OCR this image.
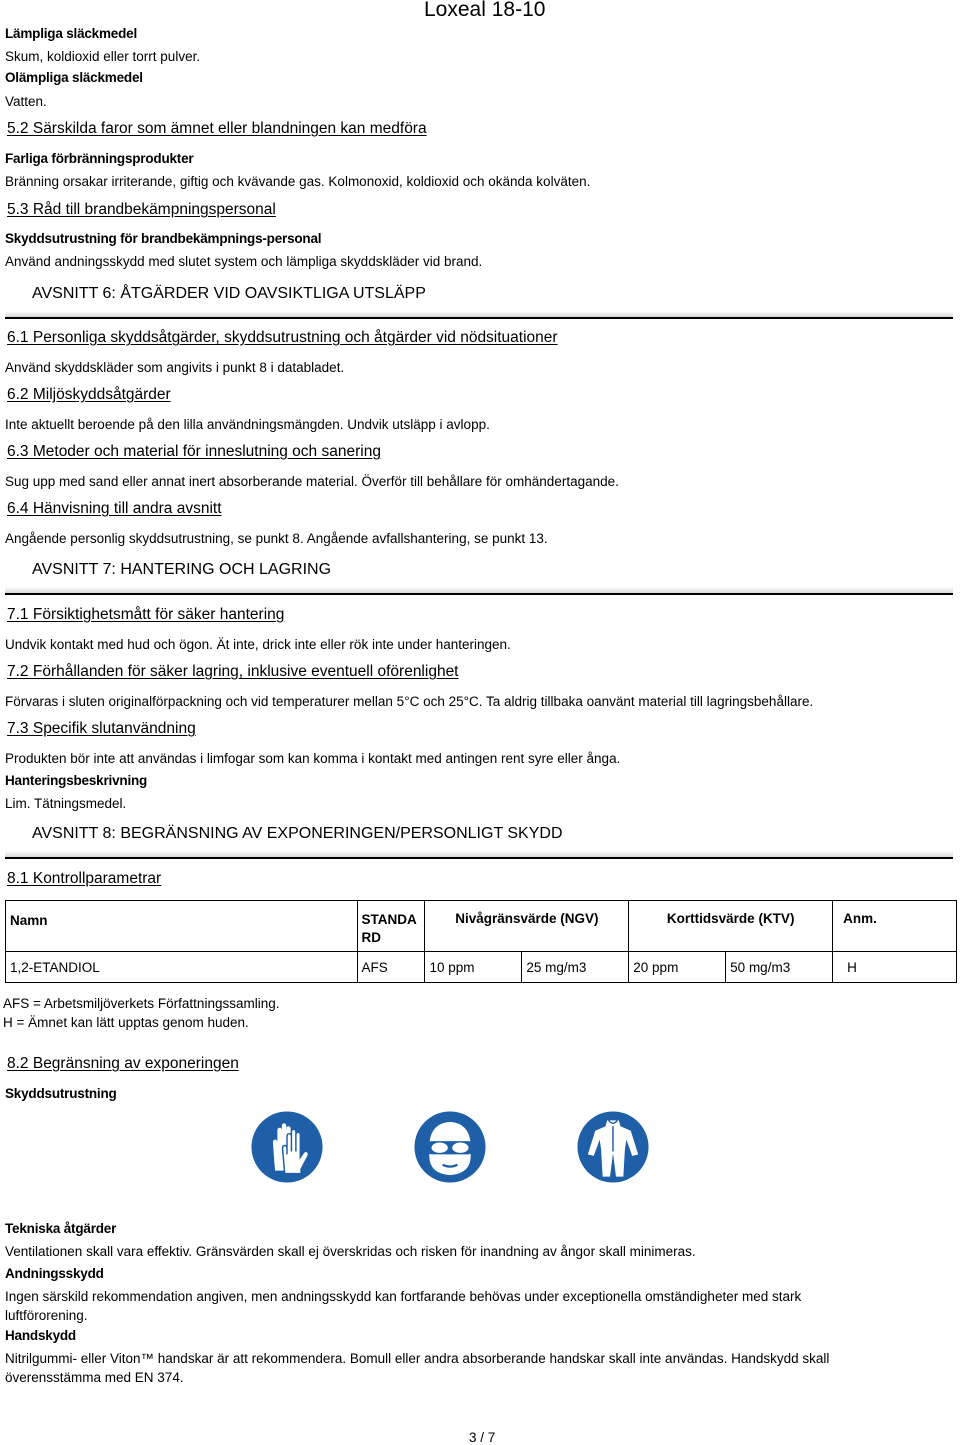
Loxeal 18-10
Lämpliga släckmedel
Skum, koldioxid eller torrt pulver.
Olämpliga släckmedel
Vatten.
5.2 Särskilda faror som ämnet eller blandningen kan medföra
Farliga förbränningsprodukter
Bränning orsakar irriterande, giftig och kvävande gas. Kolmonoxid, koldioxid och okända kolväten.
5.3 Råd till brandbekämpningspersonal
Skyddsutrustning för brandbekämpnings-personal
Använd andningsskydd med slutet system och lämpliga skyddskläder vid brand.
AVSNITT 6: ÅTGÄRDER VID OAVSIKTLIGA UTSLÄPP
6.1 Personliga skyddsåtgärder, skyddsutrustning och åtgärder vid nödsituationer
Använd skyddskläder som angivits i punkt 8 i databladet.
6.2 Miljöskyddsåtgärder
Inte aktuellt beroende på den lilla användningsmängden. Undvik utsläpp i avlopp.
6.3 Metoder och material för inneslutning och sanering
Sug upp med sand eller annat inert absorberande material. Överför till behållare för omhändertagande.
6.4 Hänvisning till andra avsnitt
Angående personlig skyddsutrustning, se punkt 8. Angående avfallshantering, se punkt 13.
AVSNITT 7: HANTERING OCH LAGRING
7.1 Försiktighetsmått för säker hantering
Undvik kontakt med hud och ögon. Ät inte, drick inte eller rök inte under hanteringen.
7.2 Förhållanden för säker lagring, inklusive eventuell oförenlighet
Förvaras i sluten originalförpackning och vid temperaturer mellan 5°C och 25°C. Ta aldrig tillbaka oanvänt material till lagringsbehållare.
7.3 Specifik slutanvändning
Produkten bör inte att användas i limfogar som kan komma i kontakt med antingen rent syre eller ånga.
Hanteringsbeskrivning
Lim. Tätningsmedel.
AVSNITT 8: BEGRÄNSNING AV EXPONERINGEN/PERSONLIGT SKYDD
8.1 Kontrollparametrar
Namn	STANDARD	Nivågränsvärde (NGV)		Korttidsvärde (KTV)		Anm.
1,2-ETANDIOL	AFS	10 ppm	25 mg/m3	20 ppm	50 mg/m3	H
AFS = Arbetsmiljöverkets Författningssamling.
H = Ämnet kan lätt upptas genom huden.
8.2 Begränsning av exponeringen
Skyddsutrustning
Tekniska åtgärder
Ventilationen skall vara effektiv. Gränsvärden skall ej överskridas och risken för inandning av ångor skall minimeras.
Andningsskydd
Ingen särskild rekommendation angiven, men andningsskydd kan fortfarande behövas under exceptionella omständigheter med stark
luftförorening.
Handskydd
Nitrilgummi- eller Viton™ handskar är att rekommendera. Bomull eller andra absorberande handskar skall inte användas. Handskydd skall
överensstämma med EN 374.
3 / 7
